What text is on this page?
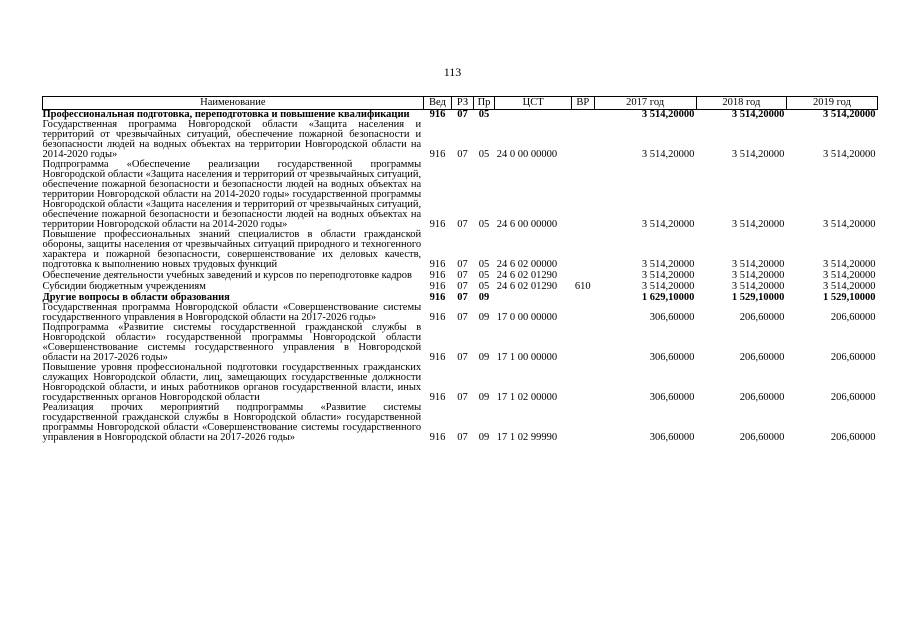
113
Наименование	Вед	РЗ	Пр	ЦСТ	ВР	2017 год	2018 год	2019 год
Профессиональная подготовка, переподготовка и повышение квалификации	916	07	05			3 514,20000	3 514,20000	3 514,20000
Государственная программа Новгородской области «Защита населения и территорий от чрезвычайных ситуаций, обеспечение пожарной безопасности и безопасности людей на водных объектах на территории Новгородской области на 2014-2020 годы»	916	07	05	24 0 00 00000		3 514,20000	3 514,20000	3 514,20000
Подпрограмма «Обеспечение реализации государственной программы Новгородской области «Защита населения и территорий от чрезвычайных ситуаций, обеспечение пожарной безопасности и безопасности людей на водных объектах на территории Новгородской области на 2014-2020 годы» государственной программы Новгородской области «Защита населения и территорий от чрезвычайных ситуаций, обеспечение пожарной безопасности и безопасности людей на водных объектах на территории Новгородской области на 2014-2020 годы»	916	07	05	24 6 00 00000		3 514,20000	3 514,20000	3 514,20000
Повышение профессиональных знаний специалистов в области гражданской обороны, защиты населения от чрезвычайных ситуаций природного и техногенного характера и пожарной безопасности, совершенствование их деловых качеств, подготовка к выполнению новых трудовых функций	916	07	05	24 6 02 00000		3 514,20000	3 514,20000	3 514,20000
Обеспечение деятельности учебных заведений и курсов по переподготовке кадров	916	07	05	24 6 02 01290		3 514,20000	3 514,20000	3 514,20000
Субсидии бюджетным учреждениям	916	07	05	24 6 02 01290	610	3 514,20000	3 514,20000	3 514,20000
Другие вопросы в области образования	916	07	09			1 629,10000	1 529,10000	1 529,10000
Государственная программа Новгородской области «Совершенствование системы государственного управления в Новгородской области на 2017-2026 годы»	916	07	09	17 0 00 00000		306,60000	206,60000	206,60000
Подпрограмма «Развитие системы государственной гражданской службы в Новгородской области» государственной программы Новгородской области «Совершенствование системы государственного управления в Новгородской области на 2017-2026 годы»	916	07	09	17 1 00 00000		306,60000	206,60000	206,60000
Повышение уровня профессиональной подготовки государственных гражданских служащих Новгородской области, лиц, замещающих государственные должности Новгородской области, и иных работников органов государственной власти, иных государственных органов Новгородской области	916	07	09	17 1 02 00000		306,60000	206,60000	206,60000
Реализация прочих мероприятий подпрограммы «Развитие системы государственной гражданской службы в Новгородской области» государственной программы Новгородской области «Совершенствование системы государственного управления в Новгородской области на 2017-2026 годы»	916	07	09	17 1 02 99990		306,60000	206,60000	206,60000
